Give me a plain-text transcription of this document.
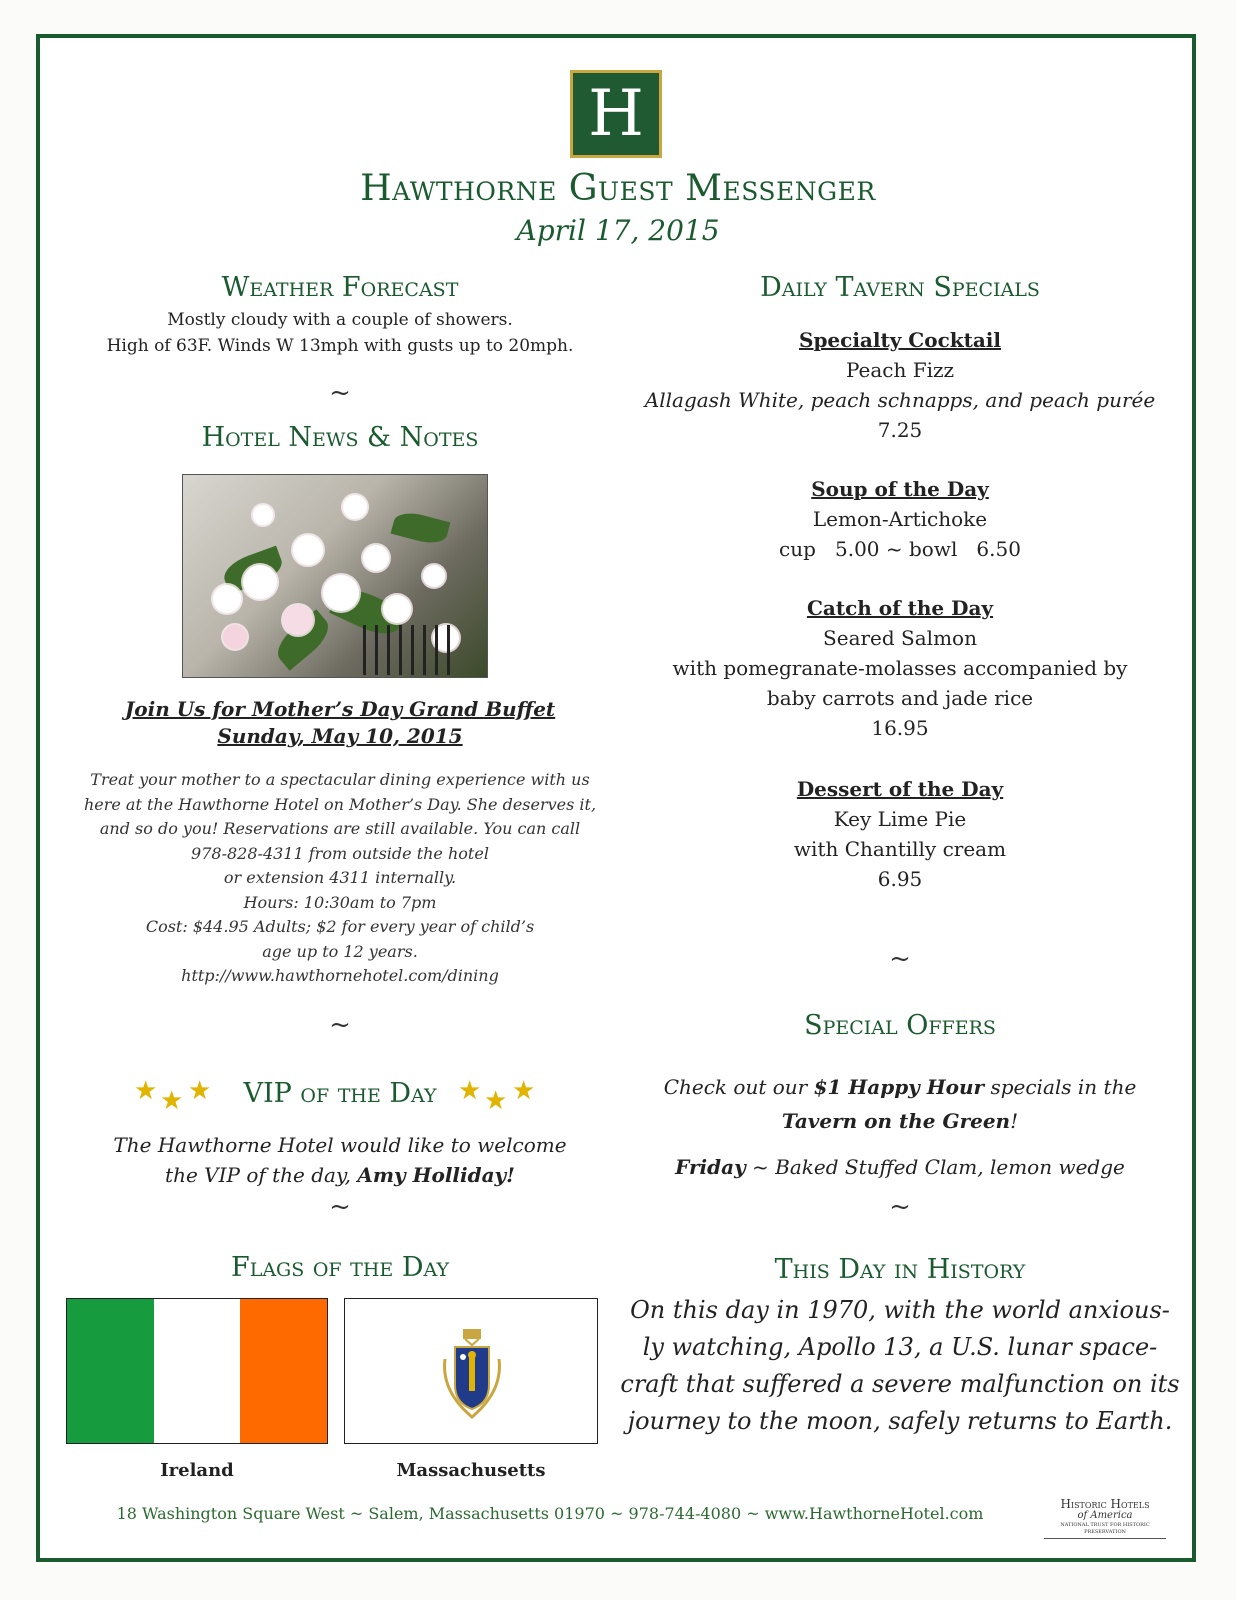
H
Hawthorne Guest Messenger
April 17, 2015
Weather Forecast
Mostly cloudy with a couple of showers.
High of 63F. Winds W 13mph with gusts up to 20mph.
~
Hotel News & Notes
Join Us for Mother’s Day Grand Buffet
Sunday, May 10, 2015
Treat your mother to a spectacular dining experience with us
here at the Hawthorne Hotel on Mother’s Day. She deserves it,
and so do you! Reservations are still available. You can call
978-828-4311 from outside the hotel
or extension 4311 internally.
Hours: 10:30am to 7pm
Cost: $44.95 Adults; $2 for every year of child’s
age up to 12 years.
http://www.hawthornehotel.com/dining
~
★ ★ ★	VIP of the Day ★ ★ ★
The Hawthorne Hotel would like to welcome
the VIP of the day, Amy Holliday!
~
Flags of the Day
Ireland	Massachusetts
Daily Tavern Specials
Specialty Cocktail
Peach Fizz
Allagash White, peach schnapps, and peach purée
7.25
Soup of the Day
Lemon-Artichoke
cup   5.00 ~ bowl   6.50
Catch of the Day
Seared Salmon
with pomegranate-molasses accompanied by
baby carrots and jade rice
16.95
Dessert of the Day
Key Lime Pie
with Chantilly cream
6.95
~
Special Offers
Check out our $1 Happy Hour specials in the
Tavern on the Green!
Friday ~ Baked Stuffed Clam, lemon wedge
~
This Day in History
On this day in 1970, with the world anxious-
ly watching, Apollo 13, a U.S. lunar space-
craft that suffered a severe malfunction on its
journey to the moon, safely returns to Earth.
18 Washington Square West ~ Salem, Massachusetts 01970 ~ 978-744-4080 ~ www.HawthorneHotel.com	Historic Hotels
of America
NATIONAL TRUST FOR HISTORIC PRESERVATION
